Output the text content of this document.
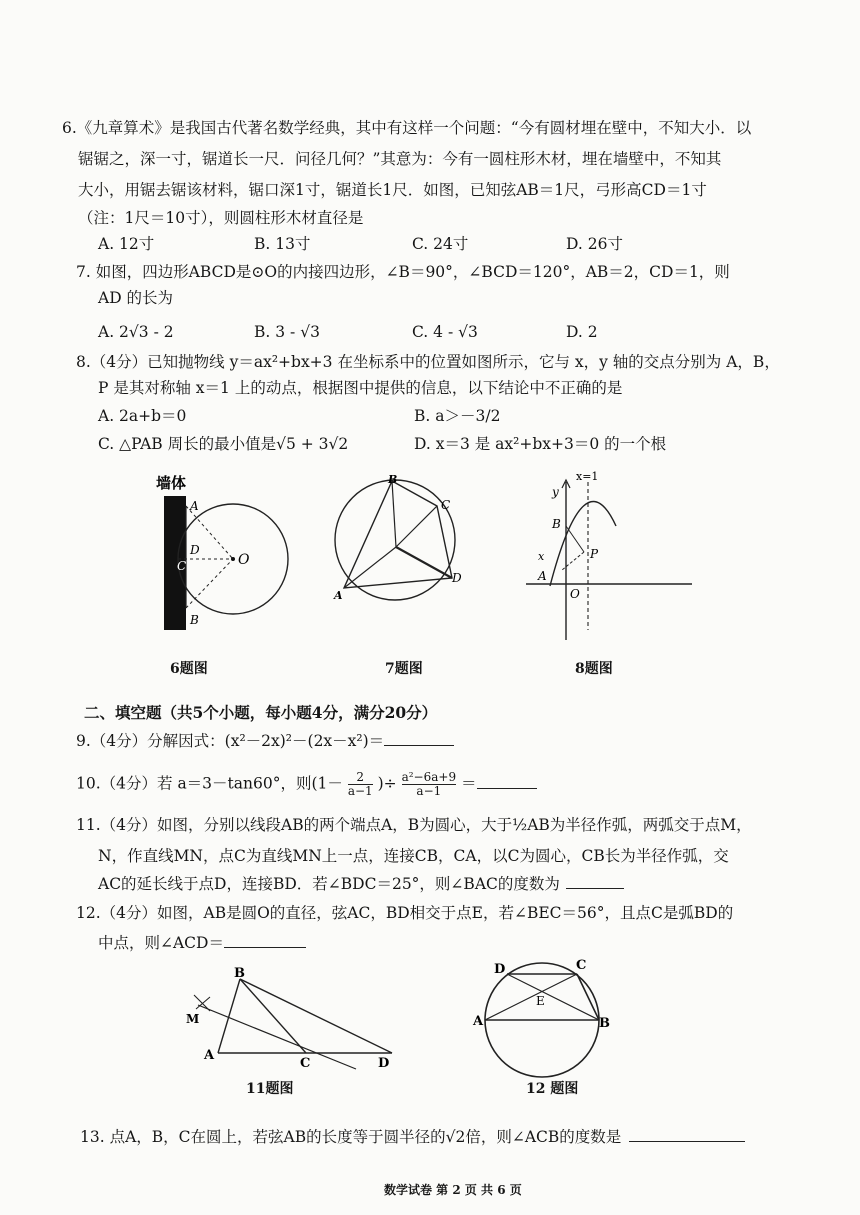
6.《九章算术》是我国古代著名数学经典，其中有这样一个问题：“今有圆材埋在壁中，不知大小．以
锯锯之，深一寸，锯道长一尺．问径几何？”其意为：今有一圆柱形木材，埋在墙壁中，不知其
大小，用锯去锯该材料，锯口深1寸，锯道长1尺．如图，已知弦AB＝1尺，弓形高CD＝1寸
（注：1尺＝10寸），则圆柱形木材直径是
A. 12寸	B. 13寸	C. 24寸	D. 26寸
7. 如图，四边形ABCD是⊙O的内接四边形，∠B＝90°，∠BCD＝120°，AB＝2，CD＝1，则
AD 的长为
A. 2√3 - 2	B. 3 - √3	C. 4 - √3	D. 2
8.（4分）已知抛物线 y＝ax²+bx+3 在坐标系中的位置如图所示，它与 x，y 轴的交点分别为 A，B，
P 是其对称轴 x＝1 上的动点，根据图中提供的信息，以下结论中不正确的是
A. 2a+b＝0	B. a＞－3/2
C. △PAB 周长的最小值是√5 + 3√2	D. x＝3 是 ax²+bx+3＝0 的一个根
墙体
A
B
D
C	O
6题图
B
A
C
D
7题图
x=1
y
B
P
A
O
x
8题图
二、填空题（共5个小题，每小题4分，满分20分）
9.（4分）分解因式：(x²－2x)²－(2x－x²)＝
10.（4分）若 a＝3－tan60°，则($1- \frac{2}{a-1}$ )÷ $\frac{\text{a²−6a+9}}{a-1}$ ＝
11.（4分）如图，分别以线段AB的两个端点A，B为圆心，大于½AB为半径作弧，两弧交于点M，
N，作直线MN，点C为直线MN上一点，连接CB，CA，以C为圆心，CB长为半径作弧，交
AC的延长线于点D，连接BD．若∠BDC＝25°，则∠BAC的度数为
12.（4分）如图，AB是圆O的直径，弦AC，BD相交于点E，若∠BEC＝56°，且点C是弧BD的
中点，则∠ACD＝
M
B
A
C	D
11题图
D	C
A	B
E
12 题图
13. 点A，B，C在圆上，若弦AB的长度等于圆半径的√2倍，则∠ACB的度数是
数学试卷 第 2 页 共 6 页
